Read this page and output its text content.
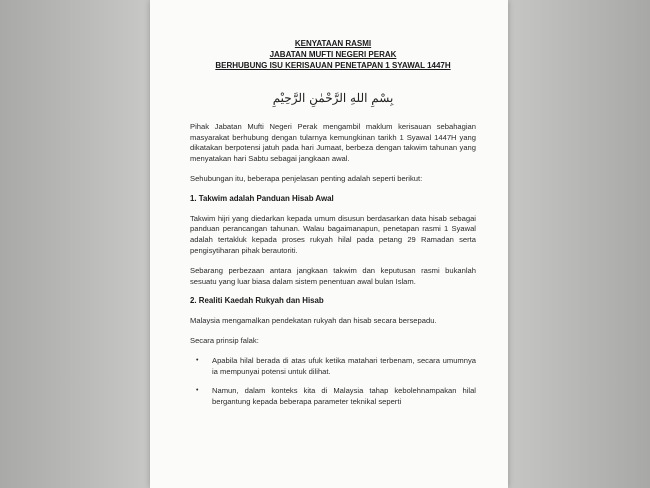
KENYATAAN RASMI
JABATAN MUFTI NEGERI PERAK
BERHUBUNG ISU KERISAUAN PENETAPAN 1 SYAWAL 1447H
بِسْمِ اللهِ الرَّحْمٰنِ الرَّحِيْمِ

Pihak Jabatan Mufti Negeri Perak mengambil maklum kerisauan sebahagian masyarakat berhubung dengan tularnya kemungkinan tarikh 1 Syawal 1447H yang dikatakan berpotensi jatuh pada hari Jumaat, berbeza dengan takwim tahunan yang menyatakan hari Sabtu sebagai jangkaan awal.

Sehubungan itu, beberapa penjelasan penting adalah seperti berikut:

1. Takwim adalah Panduan Hisab Awal

Takwim hijri yang diedarkan kepada umum disusun berdasarkan data hisab sebagai panduan perancangan tahunan. Walau bagaimanapun, penetapan rasmi 1 Syawal adalah tertakluk kepada proses rukyah hilal pada petang 29 Ramadan serta pengisytiharan pihak berautoriti.

Sebarang perbezaan antara jangkaan takwim dan keputusan rasmi bukanlah sesuatu yang luar biasa dalam sistem penentuan awal bulan Islam.

2. Realiti Kaedah Rukyah dan Hisab

Malaysia mengamalkan pendekatan rukyah dan hisab secara bersepadu.

Secara prinsip falak:

• Apabila hilal berada di atas ufuk ketika matahari terbenam, secara umumnya ia mempunyai potensi untuk dilihat.
• Namun, dalam konteks kita di Malaysia tahap kebolehnampakan hilal bergantung kepada beberapa parameter teknikal seperti
